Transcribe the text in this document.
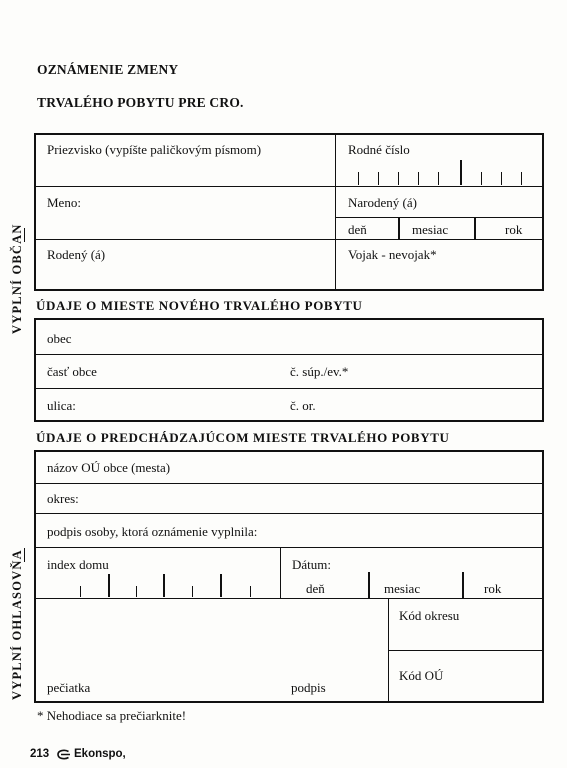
OZNÁMENIE ZMENY
TRVALÉHO POBYTU PRE CRO.
VYPLNÍ OBČAN
VYPLNÍ OHLASOVŇA
Priezvisko (vypíšte paličkovým písmom)	Rodné číslo
Meno:	Narodený (á)
deň	mesiac	rok
Rodený (á)	Vojak - nevojak*
ÚDAJE O MIESTE NOVÉHO TRVALÉHO POBYTU
obec
časť obce	č. súp./ev.*
ulica:	č. or.
ÚDAJE O PREDCHÁDZAJÚCOM MIESTE TRVALÉHO POBYTU
názov OÚ obce (mesta)
okres:
podpis osoby, ktorá oznámenie vyplnila:
index domu	Dátum:
deň	mesiac	rok
Kód okresu
Kód OÚ
pečiatka	podpis
* Nehodiace sa prečiarknite!
213 Ekonspo,
